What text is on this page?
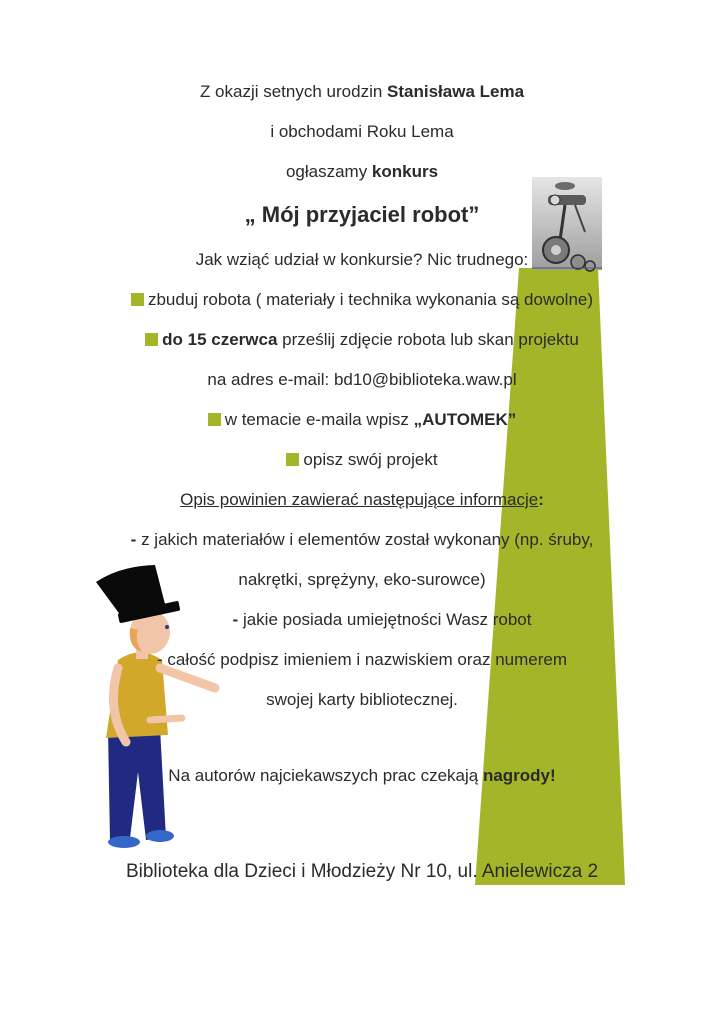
Z okazji setnych urodzin Stanisława Lema
i obchodami Roku Lema
ogłaszamy konkurs
„ Mój przyjaciel robot”
Jak wziąć udział w konkursie? Nic trudnego:
zbuduj robota ( materiały i technika wykonania są dowolne)
do 15 czerwca prześlij zdjęcie robota lub skan projektu
na adres e-mail: bd10@biblioteka.waw.pl
w temacie e-maila wpisz „AUTOMEK”
opisz swój projekt
Opis powinien zawierać następujące informacje:
- z jakich materiałów i elementów został wykonany (np. śruby,
nakrętki, sprężyny, eko-surowce)
- jakie posiada umiejętności Wasz robot
- całość podpisz imieniem i nazwiskiem oraz numerem
swojej karty bibliotecznej.
Na autorów najciekawszych prac czekają nagrody!
Biblioteka dla Dzieci i Młodzieży Nr 10, ul. Anielewicza 2
